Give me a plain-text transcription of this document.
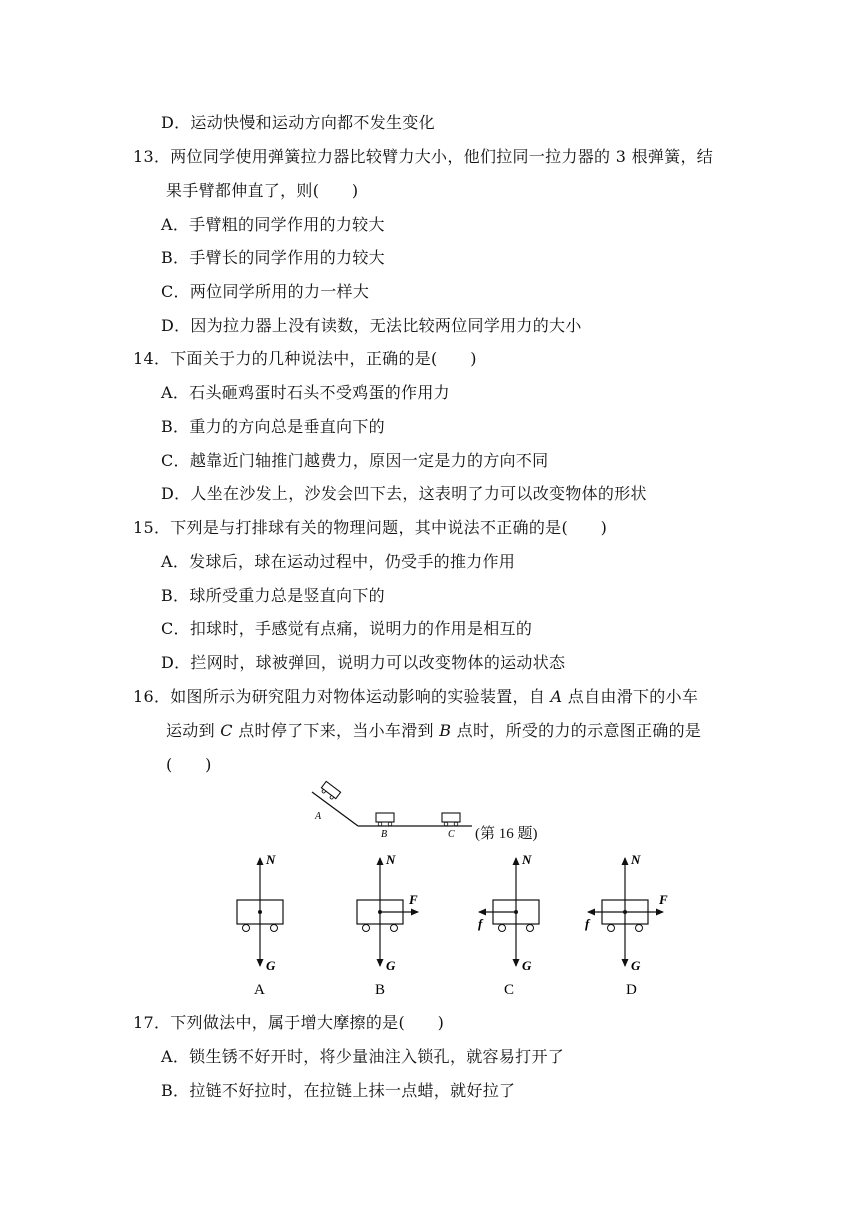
D．运动快慢和运动方向都不发生变化
13．两位同学使用弹簧拉力器比较臂力大小，他们拉同一拉力器的 3 根弹簧，结
果手臂都伸直了，则(　　)
A．手臂粗的同学作用的力较大
B．手臂长的同学作用的力较大
C．两位同学所用的力一样大
D．因为拉力器上没有读数，无法比较两位同学用力的大小
14．下面关于力的几种说法中，正确的是(　　)
A．石头砸鸡蛋时石头不受鸡蛋的作用力
B．重力的方向总是垂直向下的
C．越靠近门轴推门越费力，原因一定是力的方向不同
D．人坐在沙发上，沙发会凹下去，这表明了力可以改变物体的形状
15．下列是与打排球有关的物理问题，其中说法不正确的是(　　)
A．发球后，球在运动过程中，仍受手的推力作用
B．球所受重力总是竖直向下的
C．扣球时，手感觉有点痛，说明力的作用是相互的
D．拦网时，球被弹回，说明力可以改变物体的运动状态
16．如图所示为研究阻力对物体运动影响的实验装置，自 A 点自由滑下的小车
运动到 C 点时停了下来，当小车滑到 B 点时，所受的力的示意图正确的是
(　　)
A
B	C (第 16 题)
N
G
A
N
F
G
B
N
f
G
C
N
F
f
G
D
17．下列做法中，属于增大摩擦的是(　　)
A．锁生锈不好开时，将少量油注入锁孔，就容易打开了
B．拉链不好拉时，在拉链上抹一点蜡，就好拉了
